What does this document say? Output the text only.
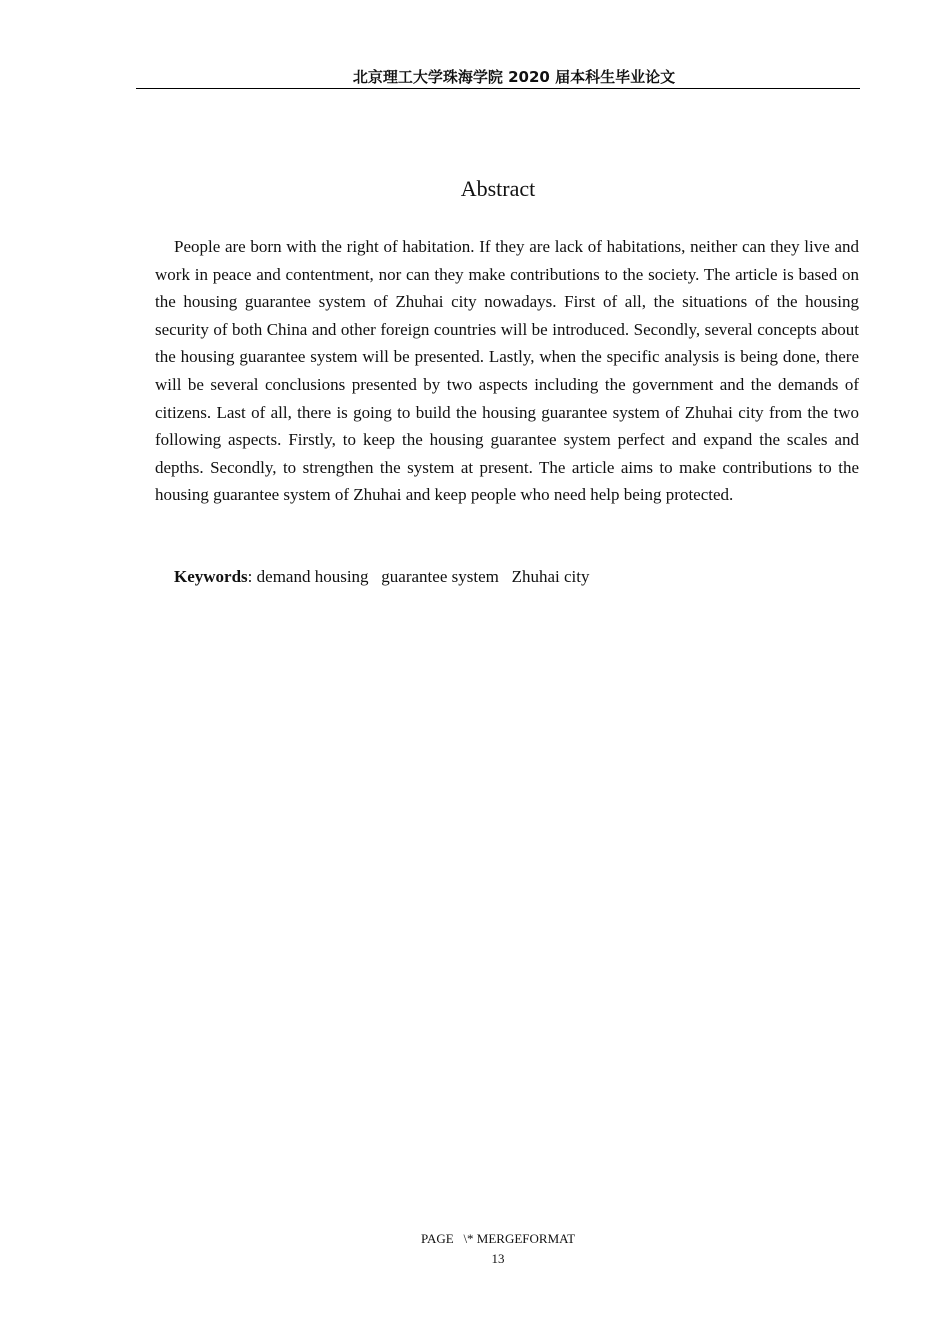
北京理工大学珠海学院 2020 届本科生毕业论文
Abstract

People are born with the right of habitation. If they are lack of habitations, neither can they live and work in peace and contentment, nor can they make contributions to the society. The article is based on the housing guarantee system of Zhuhai city nowadays. First of all, the situations of the housing security of both China and other foreign countries will be introduced. Secondly, several concepts about the housing guarantee system will be presented. Lastly, when the specific analysis is being done, there will be several conclusions presented by two aspects including the government and the demands of citizens. Last of all, there is going to build the housing guarantee system of Zhuhai city from the two following aspects. Firstly, to keep the housing guarantee system perfect and expand the scales and depths. Secondly, to strengthen the system at present. The article aims to make contributions to the housing guarantee system of Zhuhai and keep people who need help being protected.

Keywords: demand housing   guarantee system   Zhuhai city

PAGE   \* MERGEFORMAT
13
